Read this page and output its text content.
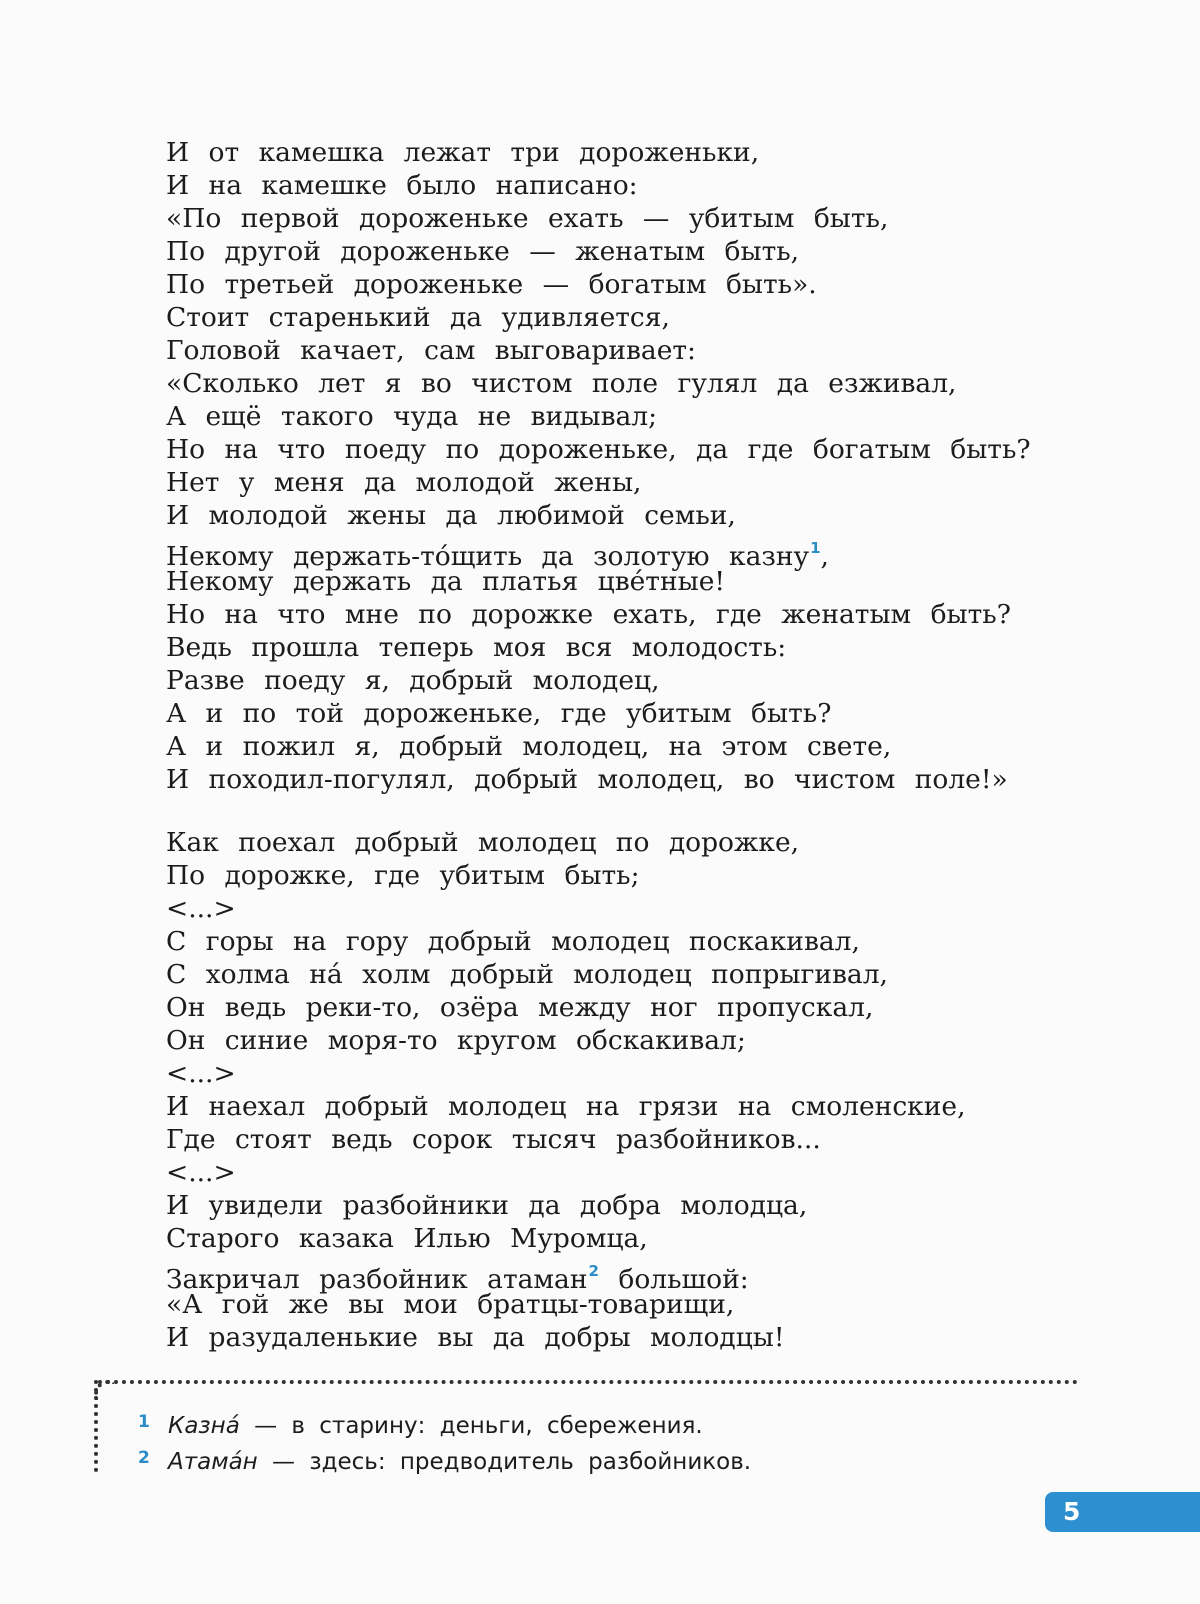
И от камешка лежат три дороженьки,
И на камешке было написано:
«По первой дороженьке ехать — убитым быть,
По другой дороженьке — женатым быть,
По третьей дороженьке — богатым быть».
Стоит старенький да удивляется,
Головой качает, сам выговаривает:
«Сколько лет я во чистом поле гулял да езживал,
А ещё такого чуда не видывал;
Но на что поеду по дороженьке, да где богатым быть?
Нет у меня да молодой жены,
И молодой жены да любимой семьи,
Некому держать-то́щить да золотую казну$^1$,
Некому держать да платья цве́тные!
Но на что мне по дорожке ехать, где женатым быть?
Ведь прошла теперь моя вся молодость:
Разве поеду я, добрый молодец,
А и по той дороженьке, где убитым быть?
А и пожил я, добрый молодец, на этом свете,
И походил-погулял, добрый молодец, во чистом поле!»
Как поехал добрый молодец по дорожке,
По дорожке, где убитым быть;
<...>
С горы на гору добрый молодец поскакивал,
С холма на́ холм добрый молодец попрыгивал,
Он ведь реки-то, озёра между ног пропускал,
Он синие моря-то кругом обскакивал;
<...>
И наехал добрый молодец на грязи на смоленские,
Где стоят ведь сорок тысяч разбойников...
<...>
И увидели разбойники да добра молодца,
Старого казака Илью Муромца,
Закричал разбойник атаман$^2$ большой:
«А гой же вы мои братцы-товарищи,
И разудаленькие вы да добры молодцы!
1 Казна́ — в старину: деньги, сбережения.
2 Атама́н — здесь: предводитель разбойников.
5
